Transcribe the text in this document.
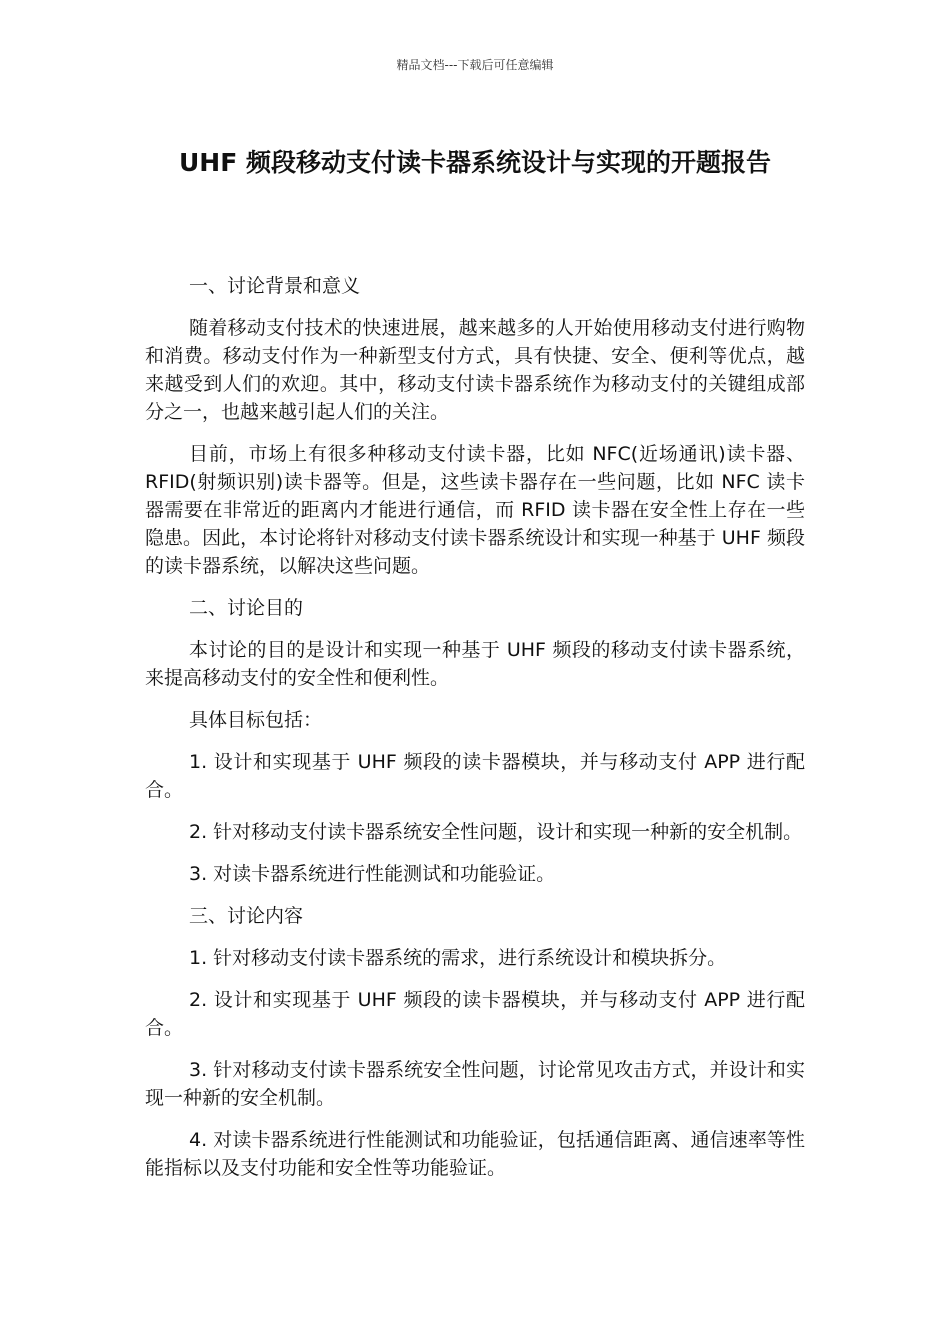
精品文档---下载后可任意编辑
UHF 频段移动支付读卡器系统设计与实现的开题报告

一、讨论背景和意义

随着移动支付技术的快速进展，越来越多的人开始使用移动支付进行购物和消费。移动支付作为一种新型支付方式，具有快捷、安全、便利等优点，越来越受到人们的欢迎。其中，移动支付读卡器系统作为移动支付的关键组成部分之一，也越来越引起人们的关注。

目前，市场上有很多种移动支付读卡器，比如 NFC(近场通讯)读卡器、RFID(射频识别)读卡器等。但是，这些读卡器存在一些问题，比如 NFC 读卡器需要在非常近的距离内才能进行通信，而 RFID 读卡器在安全性上存在一些隐患。因此，本讨论将针对移动支付读卡器系统设计和实现一种基于 UHF 频段的读卡器系统，以解决这些问题。

二、讨论目的

本讨论的目的是设计和实现一种基于 UHF 频段的移动支付读卡器系统，来提高移动支付的安全性和便利性。

具体目标包括：

1. 设计和实现基于 UHF 频段的读卡器模块，并与移动支付 APP 进行配合。

2. 针对移动支付读卡器系统安全性问题，设计和实现一种新的安全机制。

3. 对读卡器系统进行性能测试和功能验证。

三、讨论内容

1. 针对移动支付读卡器系统的需求，进行系统设计和模块拆分。

2. 设计和实现基于 UHF 频段的读卡器模块，并与移动支付 APP 进行配合。

3. 针对移动支付读卡器系统安全性问题，讨论常见攻击方式，并设计和实现一种新的安全机制。

4. 对读卡器系统进行性能测试和功能验证，包括通信距离、通信速率等性能指标以及支付功能和安全性等功能验证。
